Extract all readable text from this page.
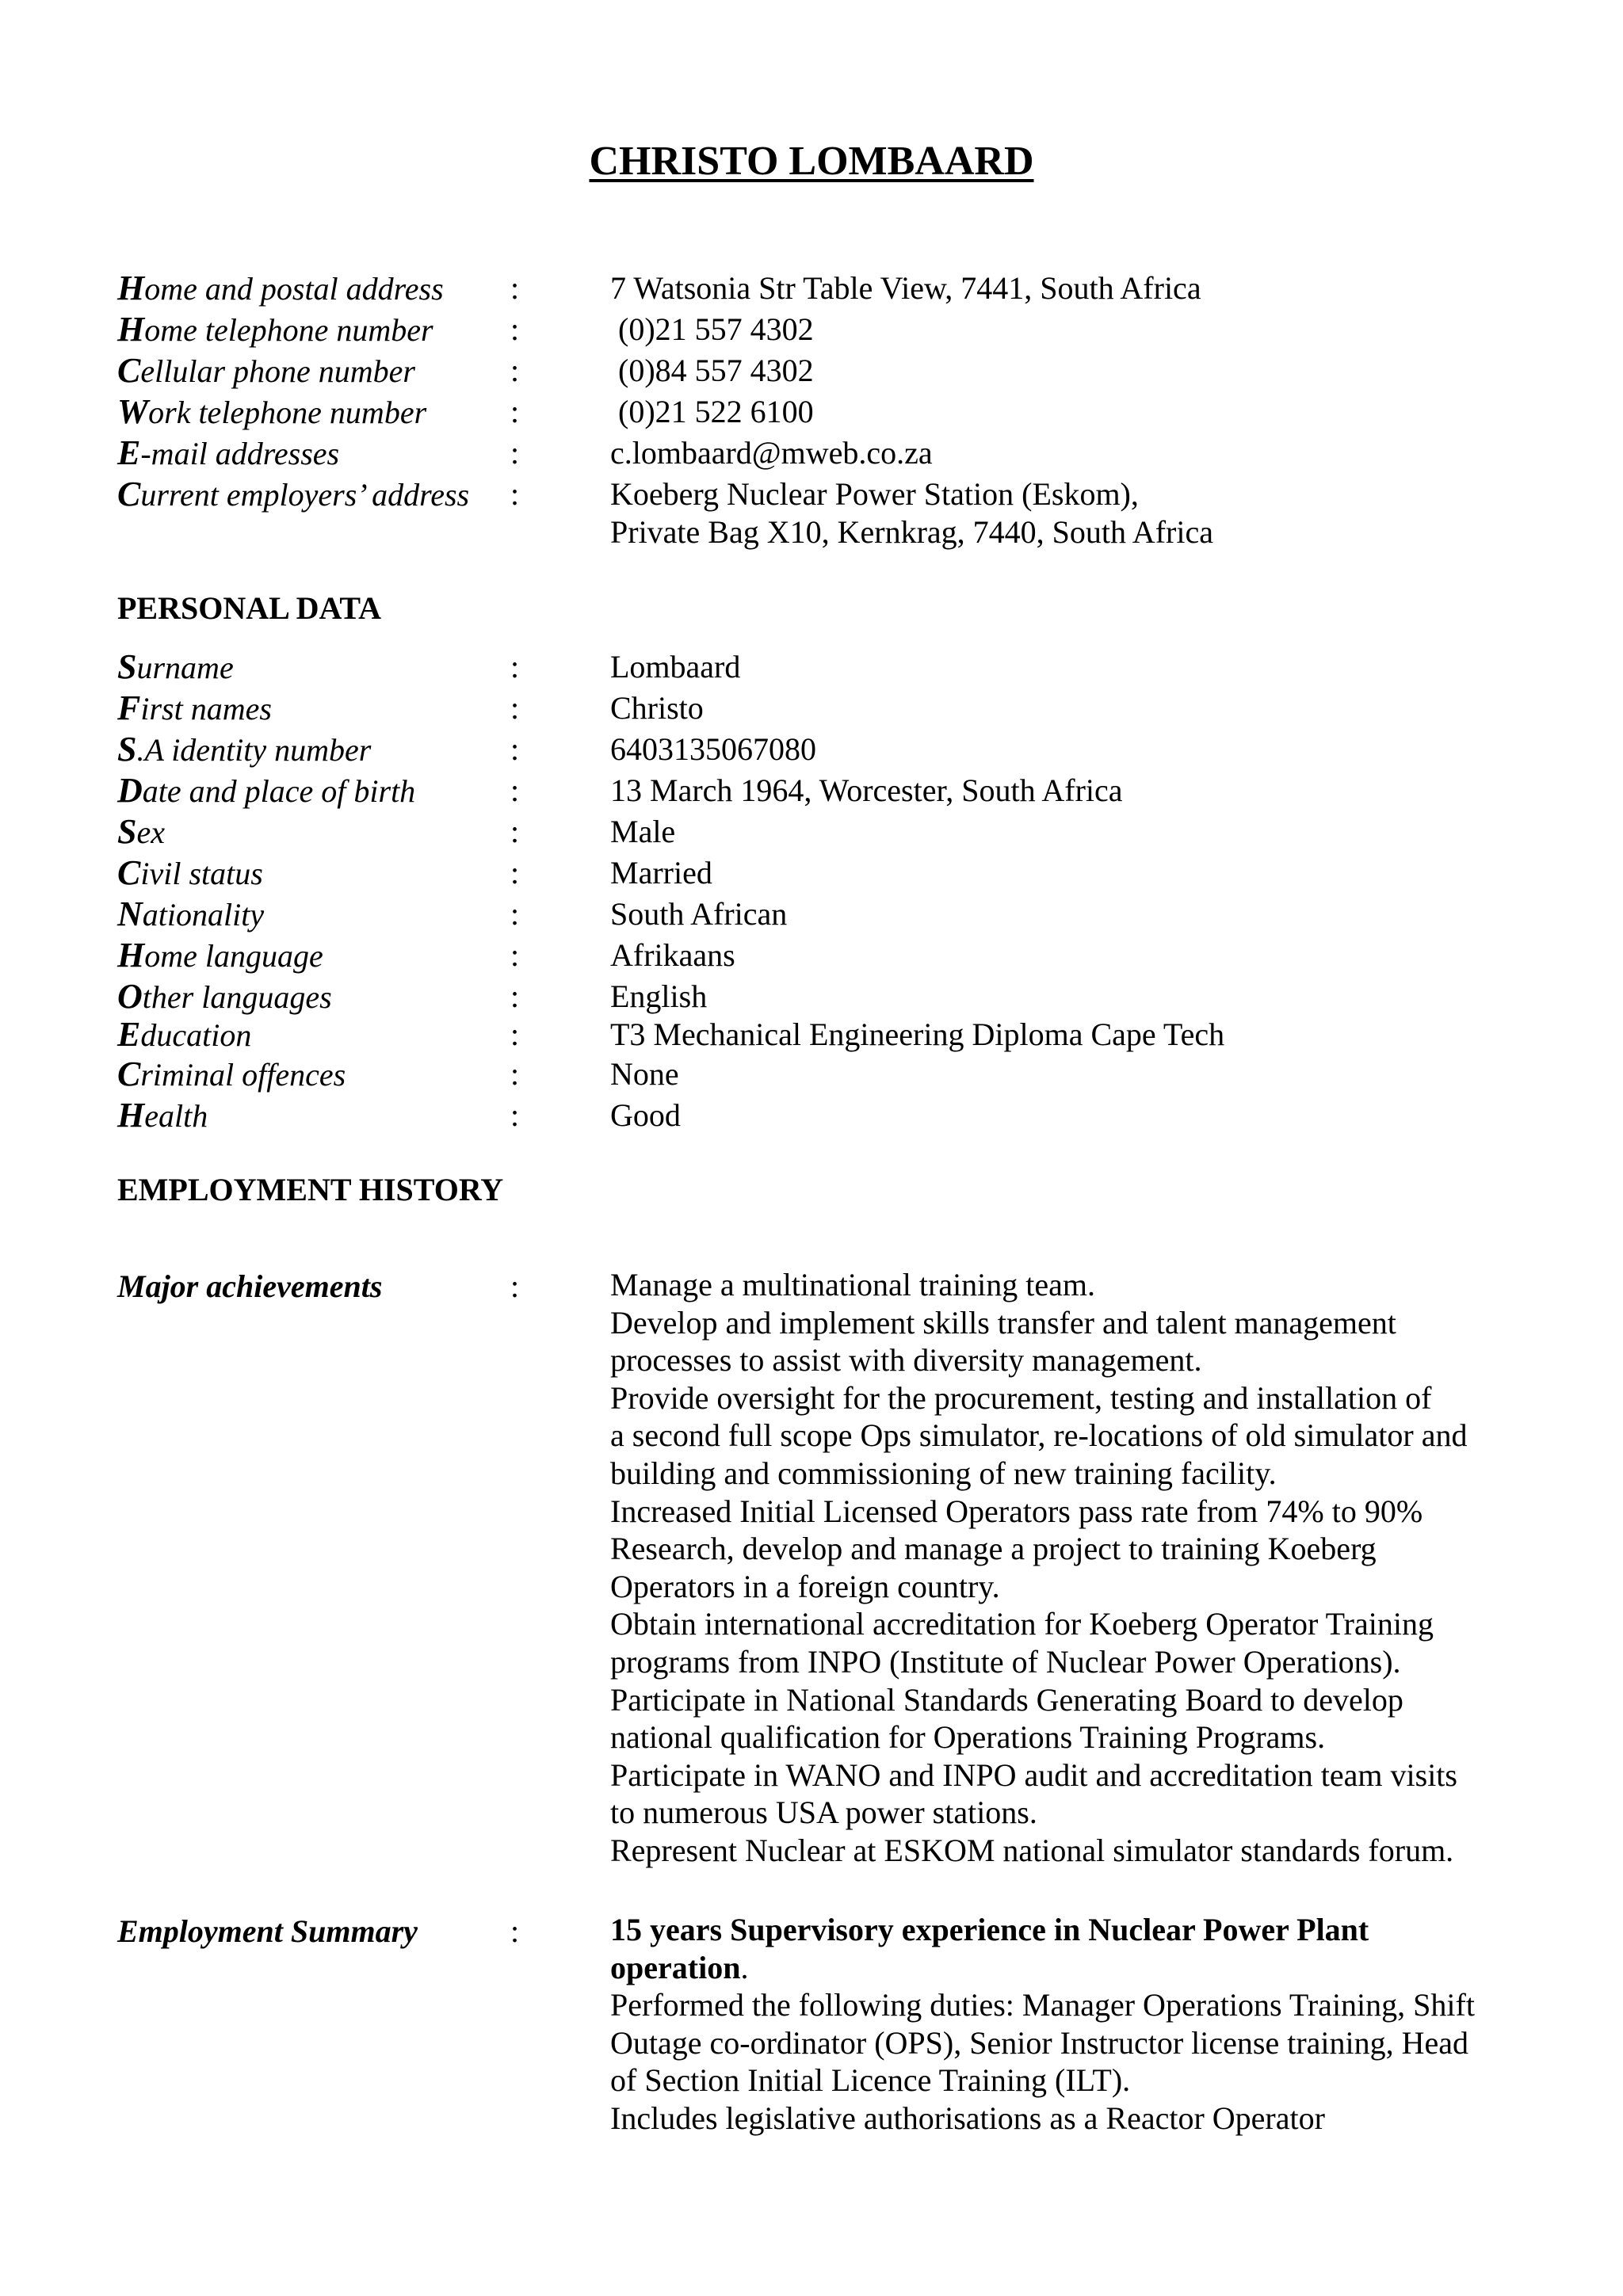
CHRISTO LOMBAARD
Home and postal address :	7 Watsonia Str Table View, 7441, South Africa
Home telephone number :	(0)21 557 4302
Cellular phone number	:	(0)84 557 4302
Work telephone number	:	(0)21 522 6100
E-mail addresses	:	c.lombaard@mweb.co.za
Current employers’ address :	Koeberg Nuclear Power Station (Eskom),
Private Bag X10, Kernkrag, 7440, South Africa
PERSONAL DATA
Surname	:	Lombaard
First names	:	Christo
S.A identity number	:	6403135067080
Date and place of birth	:	13 March 1964, Worcester, South Africa
Sex	:	Male
Civil status	:	Married
Nationality	:	South African
Home language	:	Afrikaans
Other languages	:	English
Education	:	T3 Mechanical Engineering Diploma Cape Tech
Criminal offences	:	None
Health	:	Good
EMPLOYMENT HISTORY
Major achievements	:	Manage a multinational training team.
Develop and implement skills transfer and talent management
processes to assist with diversity management.
Provide oversight for the procurement, testing and installation of
a second full scope Ops simulator, re-locations of old simulator and
building and commissioning of new training facility.
Increased Initial Licensed Operators pass rate from 74% to 90%
Research, develop and manage a project to training Koeberg
Operators in a foreign country.
Obtain international accreditation for Koeberg Operator Training
programs from INPO (Institute of Nuclear Power Operations).
Participate in National Standards Generating Board to develop
national qualification for Operations Training Programs.
Participate in WANO and INPO audit and accreditation team visits
to numerous USA power stations.
Represent Nuclear at ESKOM national simulator standards forum.
Employment Summary	:	15 years Supervisory experience in Nuclear Power Plant
operation.
Performed the following duties: Manager Operations Training, Shift
Outage co-ordinator (OPS), Senior Instructor license training, Head
of Section Initial Licence Training (ILT).
Includes legislative authorisations as a Reactor Operator
